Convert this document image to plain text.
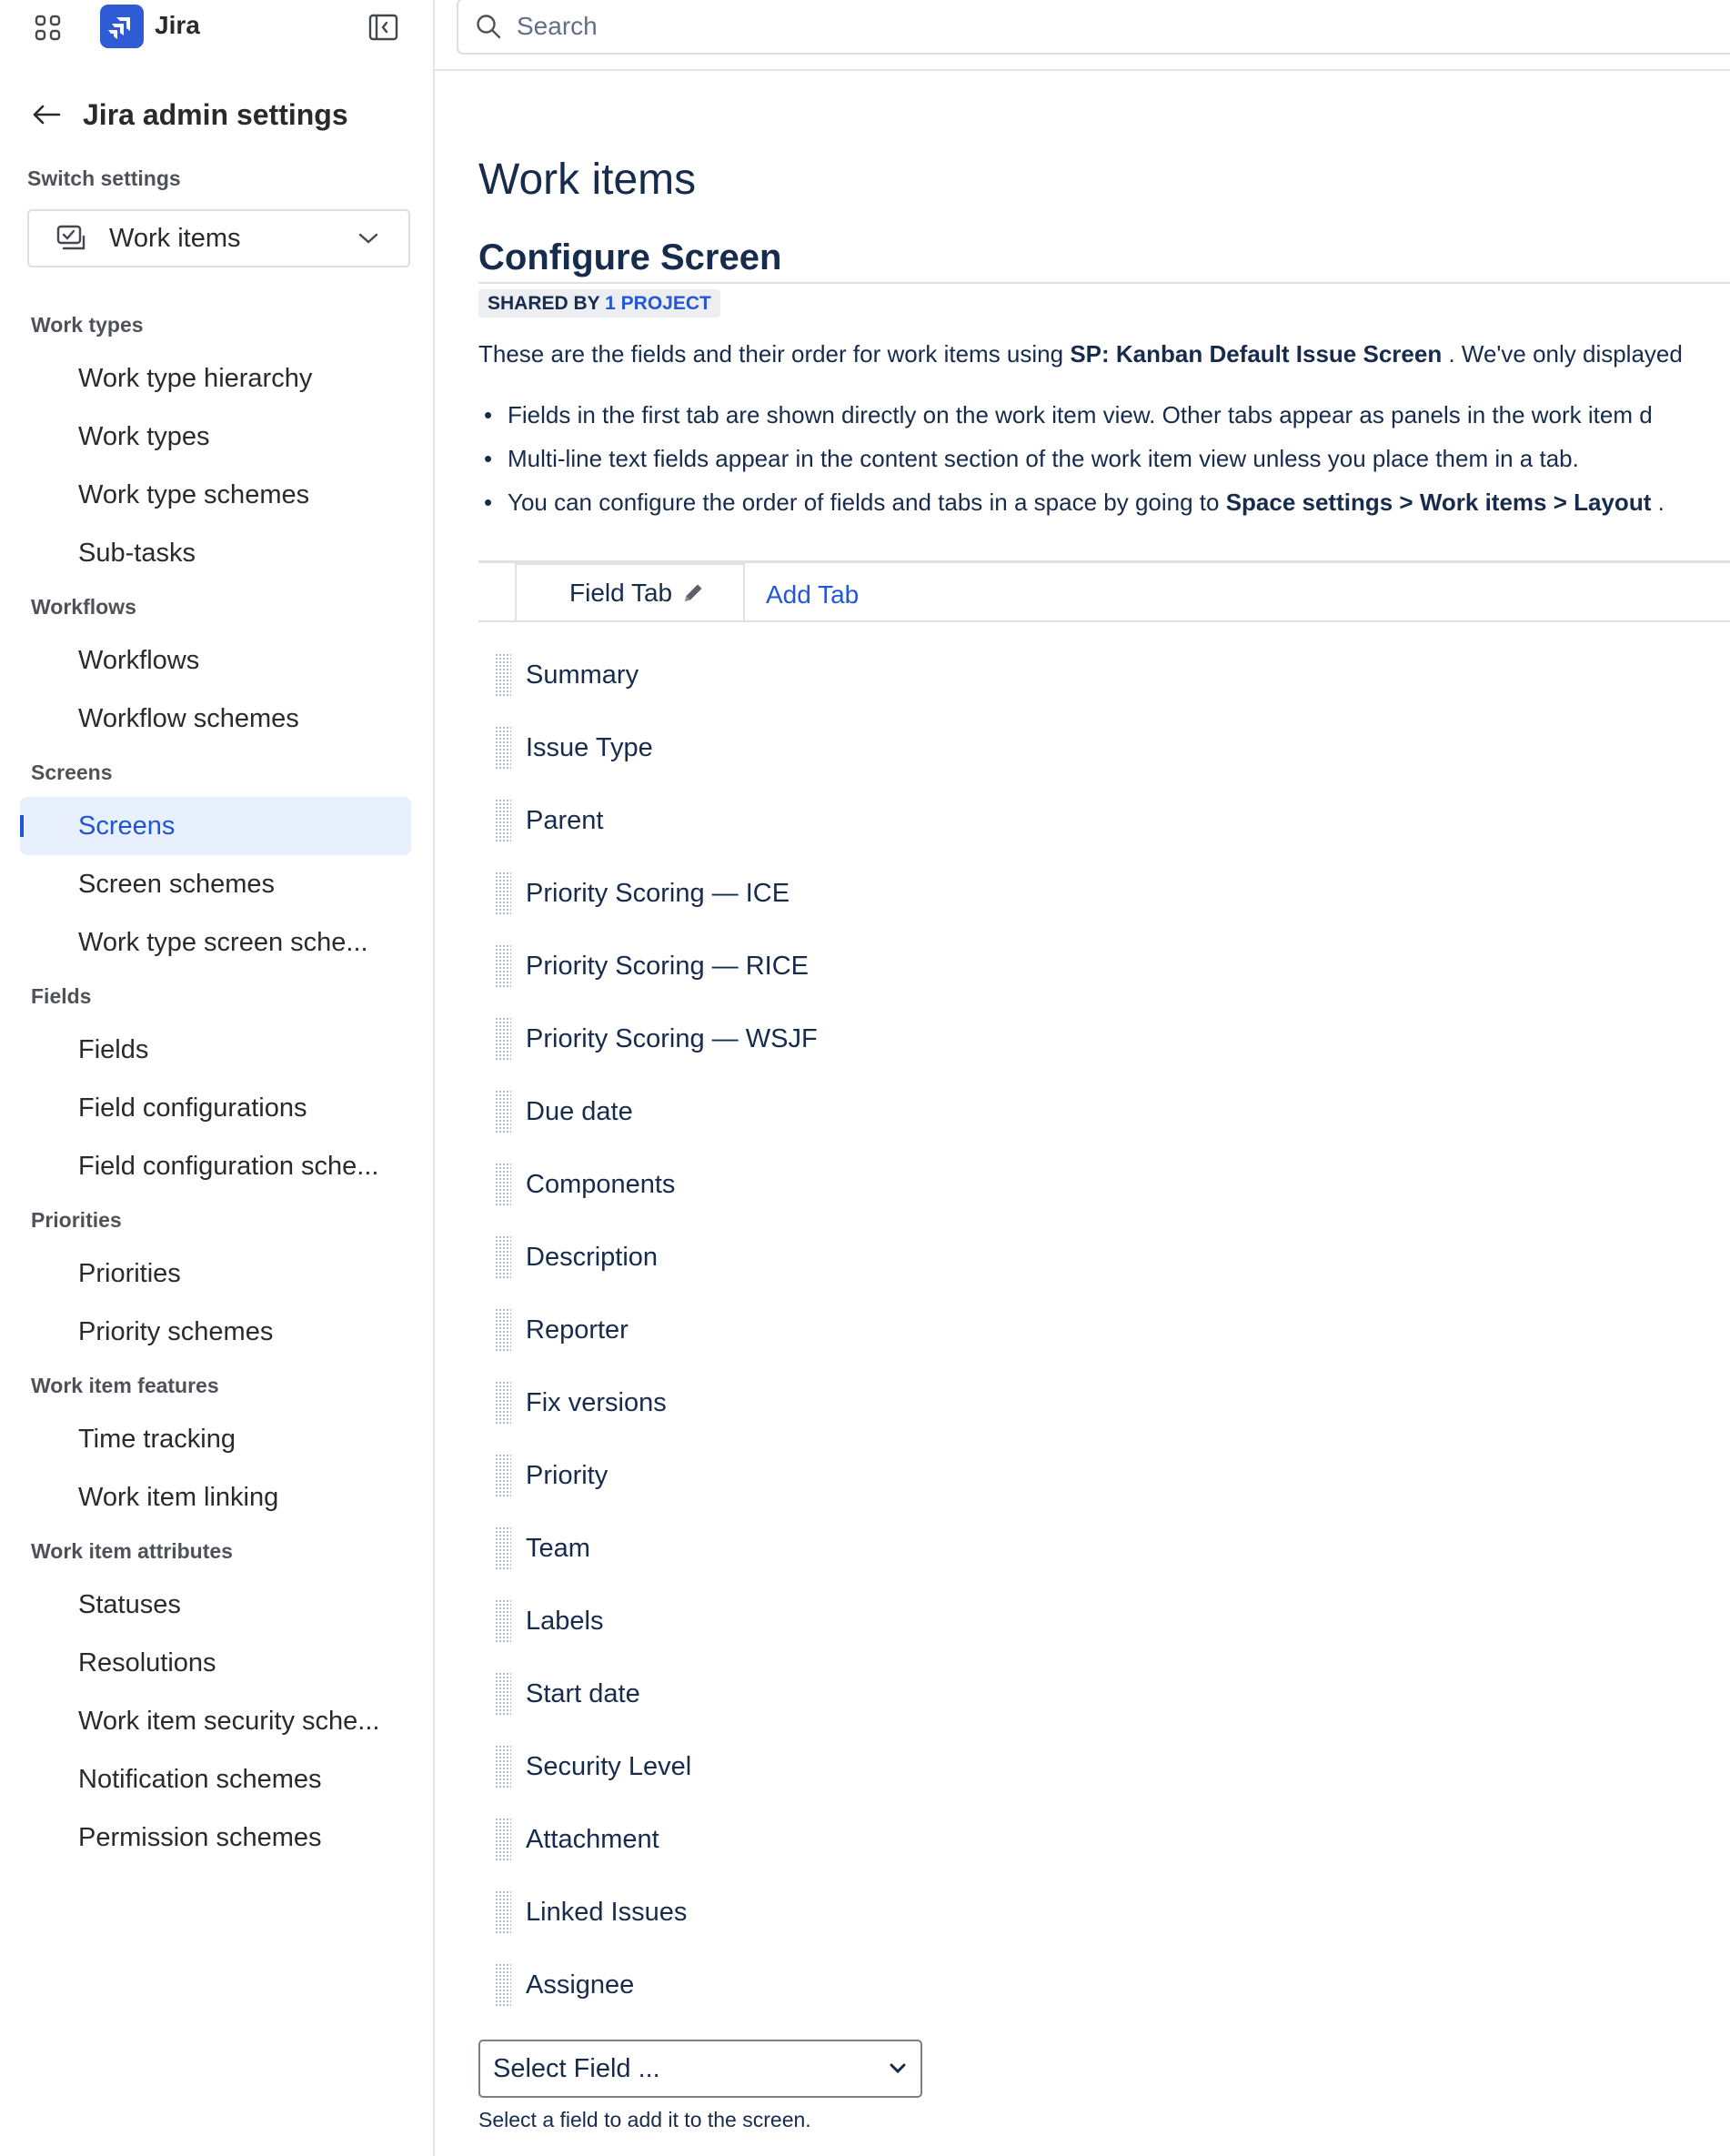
Jira
Jira admin settings
Switch settings
Work items
Work types
Work type hierarchy
Work types
Work type schemes
Sub-tasks
Workflows
Workflows
Workflow schemes
Screens
Screens
Screen schemes
Work type screen sche...
Fields
Fields
Field configurations
Field configuration sche...
Priorities
Priorities
Priority schemes
Work item features
Time tracking
Work item linking
Work item attributes
Statuses
Resolutions
Work item security sche...
Notification schemes
Permission schemes
Search
Work items
Configure Screen
SHARED BY 1 PROJECT

These are the fields and their order for work items using SP: Kanban Default Issue Screen . We've only displayed

• Fields in the first tab are shown directly on the work item view. Other tabs appear as panels in the work item d
• Multi-line text fields appear in the content section of the work item view unless you place them in a tab.
• You can configure the order of fields and tabs in a space by going to Space settings > Work items > Layout .
Field Tab	Add Tab
Summary
Issue Type
Parent
Priority Scoring — ICE
Priority Scoring — RICE
Priority Scoring — WSJF
Due date
Components
Description
Reporter
Fix versions
Priority
Team
Labels
Start date
Security Level
Attachment
Linked Issues
Assignee
Select Field ...
Select a field to add it to the screen.
